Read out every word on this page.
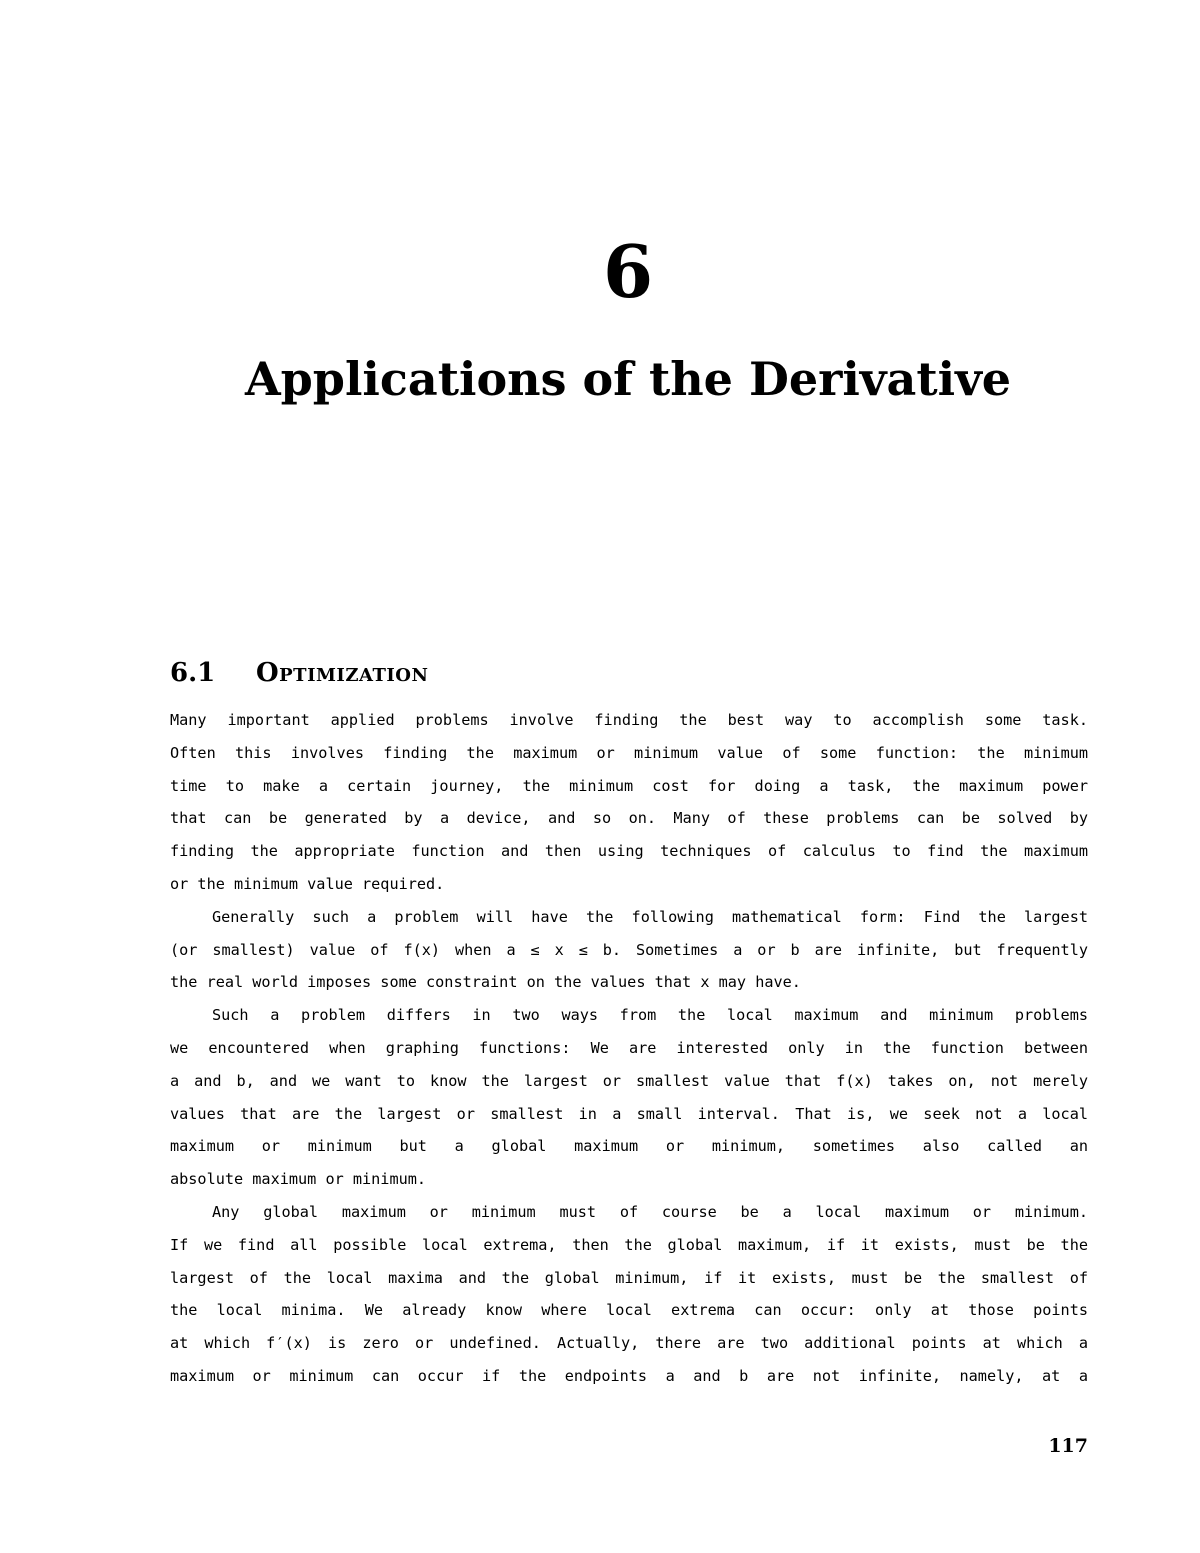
6
Applications of the Derivative
6.1 Optimization
Many important applied problems involve finding the best way to accomplish some task.
Often this involves finding the maximum or minimum value of some function: the minimum
time to make a certain journey, the minimum cost for doing a task, the maximum power
that can be generated by a device, and so on. Many of these problems can be solved by
finding the appropriate function and then using techniques of calculus to find the maximum
or the minimum value required.
Generally such a problem will have the following mathematical form: Find the largest
(or smallest) value of f(x) when a ≤ x ≤ b. Sometimes a or b are infinite, but frequently
the real world imposes some constraint on the values that x may have.
Such a problem differs in two ways from the local maximum and minimum problems
we encountered when graphing functions: We are interested only in the function between
a and b, and we want to know the largest or smallest value that f(x) takes on, not merely
values that are the largest or smallest in a small interval. That is, we seek not a local
maximum or minimum but a global maximum or minimum, sometimes also called an
absolute maximum or minimum.
Any global maximum or minimum must of course be a local maximum or minimum.
If we find all possible local extrema, then the global maximum, if it exists, must be the
largest of the local maxima and the global minimum, if it exists, must be the smallest of
the local minima. We already know where local extrema can occur: only at those points
at which f′(x) is zero or undefined. Actually, there are two additional points at which a
maximum or minimum can occur if the endpoints a and b are not infinite, namely, at a
117
